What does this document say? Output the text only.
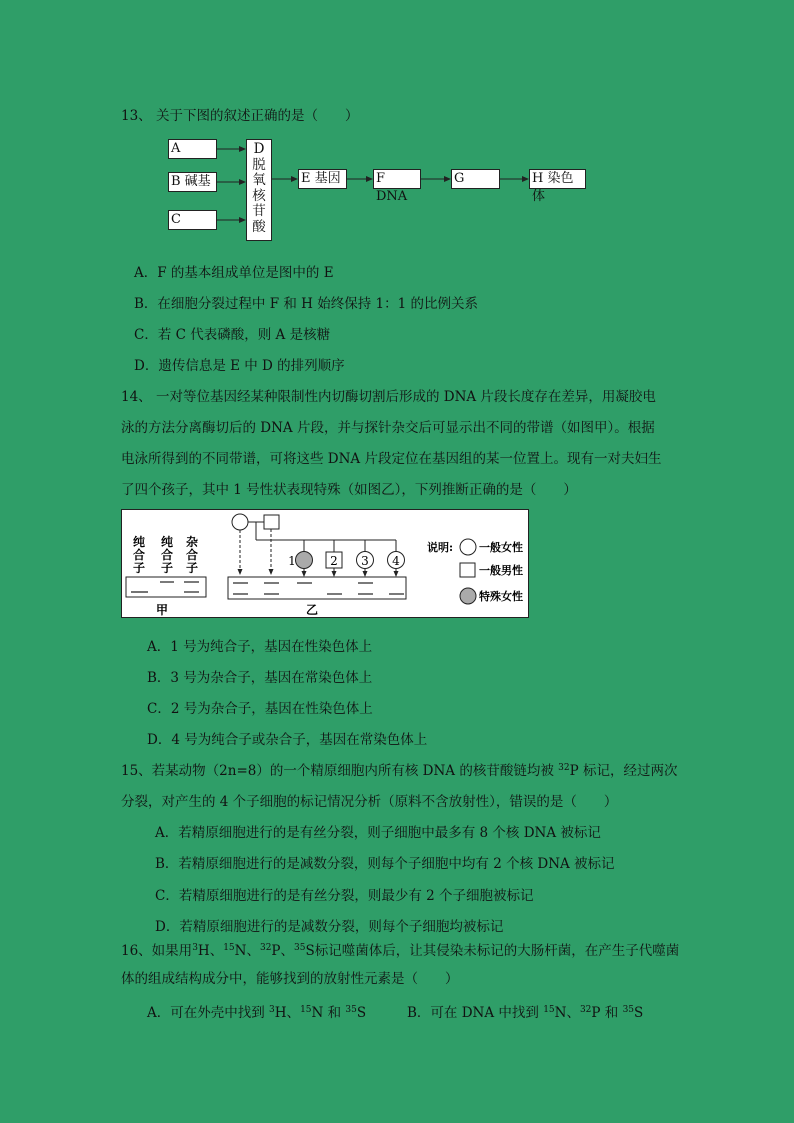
13、 关于下图的叙述正确的是（　　）
A
B 碱基
C
D
脱
氧
核
苷
酸
E 基因	F DNA
G	H 染色体
A．F 的基本组成单位是图中的 E
B．在细胞分裂过程中 F 和 H 始终保持 1：1 的比例关系
C．若 C 代表磷酸，则 A 是核糖
D．遗传信息是 E 中 D 的排列顺序
14、 一对等位基因经某种限制性内切酶切割后形成的 DNA 片段长度存在差异，用凝胶电
泳的方法分离酶切后的 DNA 片段，并与探针杂交后可显示出不同的带谱（如图甲）。根据
电泳所得到的不同带谱，可将这些 DNA 片段定位在基因组的某一位置上。现有一对夫妇生
了四个孩子，其中 1 号性状表现特殊（如图乙），下列推断正确的是（　　）
纯
合
子
纯
合
子
杂
合
子
甲
1	2 3 4
乙
说明: 一般女性
一般男性
特殊女性
A．1 号为纯合子，基因在性染色体上
B．3 号为杂合子，基因在常染色体上
C．2 号为杂合子，基因在性染色体上
D．4 号为纯合子或杂合子，基因在常染色体上
15、若某动物（2n=8）的一个精原细胞内所有核 DNA 的核苷酸链均被 $^{32}$P 标记，经过两次
分裂，对产生的 4 个子细胞的标记情况分析（原料不含放射性），错误的是（　　）
A．若精原细胞进行的是有丝分裂，则子细胞中最多有 8 个核 DNA 被标记
B．若精原细胞进行的是减数分裂，则每个子细胞中均有 2 个核 DNA 被标记
C．若精原细胞进行的是有丝分裂，则最少有 2 个子细胞被标记
D．若精原细胞进行的是减数分裂，则每个子细胞均被标记
16、如果用$^3$H、$^{15}$N、$^{32}$P、$^{35}$S标记噬菌体后，让其侵染未标记的大肠杆菌，在产生子代噬菌
体的组成结构成分中，能够找到的放射性元素是（　　）
A．可在外壳中找到 $^3$H、$^{15}$N 和 $^{35}$S	B．可在 DNA 中找到 $^{15}$N、$^{32}$P 和 $^{35}$S
